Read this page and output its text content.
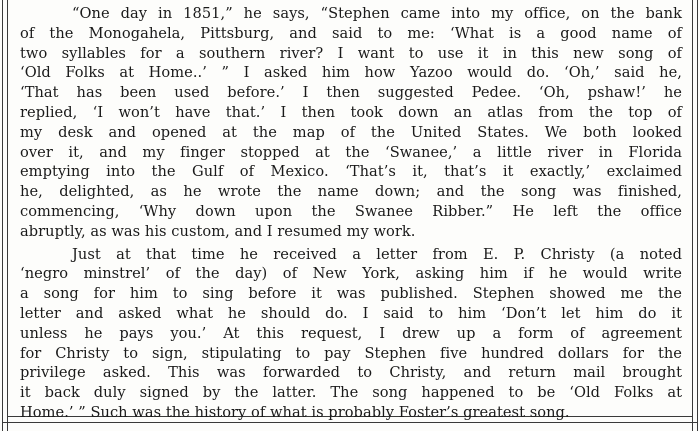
“One day in 1851,” he says, “Stephen came into my office, on the bank
of the Monogahela, Pittsburg, and said to me: ‘What is a good name of
two syllables for a southern river? I want to use it in this new song of
‘Old Folks at Home..’ ” I asked him how Yazoo would do. ‘Oh,’ said he,
‘That has been used before.’ I then suggested Pedee. ‘Oh, pshaw!’ he
replied, ‘I won’t have that.’ I then took down an atlas from the top of
my desk and opened at the map of the United States. We both looked
over it, and my finger stopped at the ‘Swanee,’ a little river in Florida
emptying into the Gulf of Mexico. ‘That’s it, that’s it exactly,’ exclaimed
he, delighted, as he wrote the name down; and the song was finished,
commencing, ‘Why down upon the Swanee Ribber.” He left the office
abruptly, as was his custom, and I resumed my work.
Just at that time he received a letter from E. P. Christy (a noted
‘negro minstrel’ of the day) of New York, asking him if he would write
a song for him to sing before it was published. Stephen showed me the
letter and asked what he should do. I said to him ‘Don’t let him do it
unless he pays you.’ At this request, I drew up a form of agreement
for Christy to sign, stipulating to pay Stephen five hundred dollars for the
privilege asked. This was forwarded to Christy, and return mail brought
it back duly signed by the latter. The song happened to be ‘Old Folks at
Home.’ ” Such was the history of what is probably Foster’s greatest song.
